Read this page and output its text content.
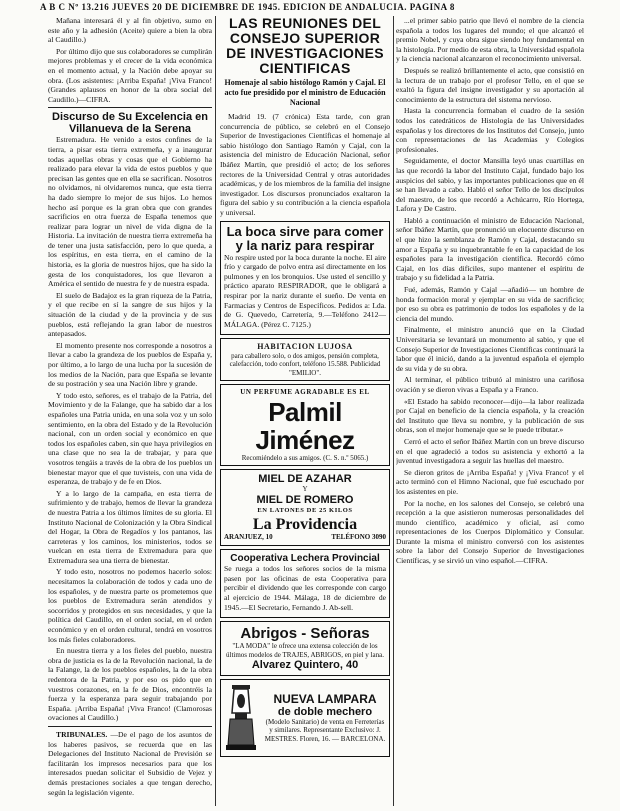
A B C Nº 13.216 JUEVES 20 DE DICIEMBRE DE 1945. EDICION DE ANDALUCIA. PAGINA 8

Mañana interesará él y al fin objetivo, sumo en este año y la adhesión (Aceite) quiere a bien la obra al Caudillo.)

Por último dijo que sus colaboradores se cumplirán mejores problemas y el crecer de la vida económica en el momento actual, y la Nación debe apoyar su obra. (Los asistentes: ¡Arriba España! ¡Viva Franco! (Grandes aplausos en honor de la obra social del Caudillo.)—CIFRA.

Discurso de Su Excelencia en Villanueva de la Serena

Estremadura. He venido a estos confines de la tierra, a pisar esta tierra extremeña, y a inaugurar todas aquellas obras y cosas que el Gobierno ha realizado para elevar la vida de estos pueblos y que precisan las gentes que en ella se sacrifican. Nosotros no olvidamos, ni olvidaremos nunca, que esta tierra ha dado siempre lo mejor de sus hijos. Lo hemos hecho así porque es la gran obra que con grandes sacrificios en otra fuerza de España tenemos que realizar para lograr un nivel de vida digna de la Historia. La invitación de nuestra tierra extremeña ha de tener una justa satisfacción, pero lo que queda, a los espíritus, en esta tierra, en el camino de la historia, es la gloria de nuestros hijos, que ha sido la gesta de los conquistadores, los que llevaron a América el sentido de nuestra fe y de nuestra espada.

El suelo de Badajoz es la gran riqueza de la Patria, y el que recibe en sí la sangre de sus hijos y la situación de la ciudad y de la provincia y de sus pueblos, está reflejando la gran labor de nuestros antepasados.

El momento presente nos corresponde a nosotros a llevar a cabo la grandeza de los pueblos de España y, por último, a lo largo de una lucha por la sucesión de los medios de la Nación, para que España se levante de su postración y sea una Nación libre y grande.

Y todo esto, señores, es el trabajo de la Patria, del Movimiento y de la Falange, que ha sabido dar a los españoles una Patria unida, en una sola voz y un solo sentimiento, en la obra del Estado y de la Revolución nacional, con un orden social y económico en que todos los españoles caben, sin que haya privilegios en una clase que no sea la de trabajar, y para que vosotros tengáis a través de la obra de los pueblos un bienestar mayor que el que tuvisteis, con una vida de esperanza, de trabajo y de fe en Dios.

Y a lo largo de la campaña, en esta tierra de sufrimiento y de trabajo, hemos de llevar la grandeza de nuestra Patria a los últimos límites de su gloria. El Instituto Nacional de Colonización y la Obra Sindical del Hogar, la Obra de Regadíos y los pantanos, las carreteras y los caminos, los ministerios, todos se vuelcan en esta tierra de Extremadura para que Extremadura sea una tierra de bienestar.

Y todo esto, nosotros no podemos hacerlo solos: necesitamos la colaboración de todos y cada uno de los españoles, y de nuestra parte os prometemos que los pueblos de Extremadura serán atendidos y socorridos y protegidos en sus necesidades, y que la política del Caudillo, en el orden social, en el orden económico y en el orden cultural, tendrá en vosotros los más fieles colaboradores.

En nuestra tierra y a los fieles del pueblo, nuestra obra de justicia es la de la Revolución nacional, la de la Falange, la de los pueblos españoles, la de la obra redentora de la Patria, y por eso os pido que en vuestros corazones, en la fe de Dios, encontréis la fuerza y la esperanza para seguir trabajando por España. ¡Arriba España! ¡Viva Franco! (Clamorosas ovaciones al Caudillo.)

TRIBUNALES. —De el pago de los asuntos de los haberes pasivos, se recuerda que en las Delegaciones del Instituto Nacional de Previsión se facilitarán los impresos necesarios para que los interesados puedan solicitar el Subsidio de Vejez y demás prestaciones sociales a que tengan derecho, según la legislación vigente.

LAS REUNIONES DEL CONSEJO SUPERIOR DE INVESTIGACIONES CIENTIFICAS
Homenaje al sabio histólogo Ramón y Cajal. El acto fue presidido por el ministro de Educación Nacional

Madrid 19. (7 crónica) Esta tarde, con gran concurrencia de público, se celebró en el Consejo Superior de Investigaciones Científicas el homenaje al sabio histólogo don Santiago Ramón y Cajal, con la asistencia del ministro de Educación Nacional, señor Ibáñez Martín, que presidió el acto; de los señores rectores de la Universidad Central y otras autoridades académicas, y de los miembros de la familia del insigne investigador. Los discursos pronunciados exaltaron la figura del sabio y su contribución a la ciencia española y universal.

La boca sirve para comer y la nariz para respirar

No respire usted por la boca durante la noche. El aire frío y cargado de polvo entra así directamente en los pulmones y en los bronquios. Use usted el sencillo y práctico aparato RESPIRADOR, que le obligará a respirar por la nariz durante el sueño. De venta en Farmacias y Centros de Específicos. Pedidos a: Lda. de G. Quevedo, Carretería, 9.—Teléfono 2412—MÁLAGA. (Pérez C. 7125.)

HABITACION LUJOSA
para caballero solo, o dos amigos, pensión completa, calefacción, todo confort, teléfono 15.588. Publicidad "EMILIO".
UN PERFUME AGRADABLE ES EL
Palmil Jiménez
Recomiéndelo a sus amigos. (C. S. n.º 5065.)
MIEL DE AZAHAR
Y
MIEL DE ROMERO
EN LATONES DE 25 KILOS
La Providencia
ARANJUEZ, 10	TELÉFONO 3090
Cooperativa Lechera Provincial

Se ruega a todos los señores socios de la misma pasen por las oficinas de esta Cooperativa para percibir el dividendo que les corresponde con cargo al ejercicio de 1944. Málaga, 18 de diciembre de 1945.—El Secretario, Fernando J. Ab-sell.

Abrigos - Señoras
"LA MODA" le ofrece una extensa colección de los últimos modelos de TRAJES, ABRIGOS, en piel y lana.
Alvarez Quintero, 40
NUEVA LAMPARA
de doble mechero
(Modelo Sanitario) de venta en Ferreterías y similares. Representante Exclusivo: J. MESTRES. Floren, 16. — BARCELONA.

...el primer sabio patrio que llevó el nombre de la ciencia española a todos los lugares del mundo; el que alcanzó el premio Nobel, y cuya obra sigue siendo hoy fundamental en la histología. Por medio de esta obra, la Universidad española y la ciencia nacional alcanzaron el reconocimiento universal.

Después se realizó brillantemente el acto, que consistió en la lectura de un trabajo por el profesor Tello, en el que se exaltó la figura del insigne investigador y su aportación al conocimiento de la estructura del sistema nervioso.

Hasta la concurrencia formaban el cuadro de la sesión todos los catedráticos de Histología de las Universidades españolas y los directores de los Institutos del Consejo, junto con representaciones de las Academias y Colegios profesionales.

Seguidamente, el doctor Mansilla leyó unas cuartillas en las que recordó la labor del Instituto Cajal, fundado bajo los auspicios del sabio, y las importantes publicaciones que en él se han llevado a cabo. Habló el señor Tello de los discípulos del maestro, de los que recordó a Achúcarro, Río Hortega, Lafora y De Castro.

Habló a continuación el ministro de Educación Nacional, señor Ibáñez Martín, que pronunció un elocuente discurso en el que hizo la semblanza de Ramón y Cajal, destacando su amor a España y su inquebrantable fe en la capacidad de los españoles para la investigación científica. Recordó cómo Cajal, en los días difíciles, supo mantener el espíritu de trabajo y su fidelidad a la Patria.

Fué, además, Ramón y Cajal —añadió— un hombre de honda formación moral y ejemplar en su vida de sacrificio; por eso su obra es patrimonio de todos los españoles y de la ciencia del mundo.

Finalmente, el ministro anunció que en la Ciudad Universitaria se levantará un monumento al sabio, y que el Consejo Superior de Investigaciones Científicas continuará la labor que él inició, dando a la juventud española el ejemplo de su vida y de su obra.

Al terminar, el público tributó al ministro una cariñosa ovación y se dieron vivas a España y a Franco.

«El Estado ha sabido reconocer—dijo—la labor realizada por Cajal en beneficio de la ciencia española, y la creación del Instituto que lleva su nombre, y la publicación de sus obras, son el mejor homenaje que se le puede tributar.»

Cerró el acto el señor Ibáñez Martín con un breve discurso en el que agradeció a todos su asistencia y exhortó a la juventud investigadora a seguir las huellas del maestro.

Se dieron gritos de ¡Arriba España! y ¡Viva Franco! y el acto terminó con el Himno Nacional, que fué escuchado por los asistentes en pie.

Por la noche, en los salones del Consejo, se celebró una recepción a la que asistieron numerosas personalidades del mundo científico, académico y oficial, así como representaciones de los Cuerpos Diplomático y Consular. Durante la misma el ministro conversó con los asistentes sobre la labor del Consejo Superior de Investigaciones Científicas, y se sirvió un vino español.—CIFRA.
